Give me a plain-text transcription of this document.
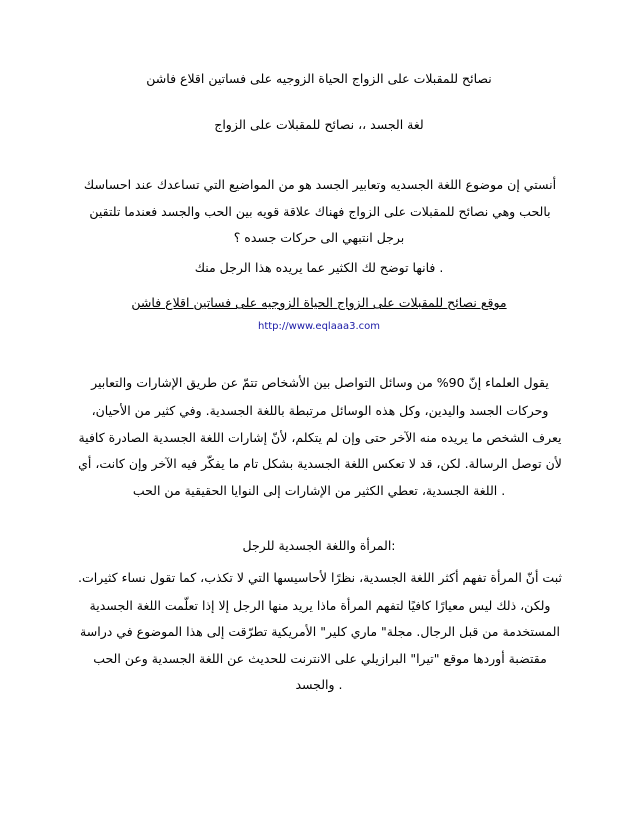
نصائح للمقبلات على الزواج الحياة الزوجيه على فساتين اقلاع فاشن
لغة الجسد ،، نصائح للمقبلات على الزواج
أنستي إن موضوع اللغة الجسديه وتعابير الجسد هو من المواضيع التي تساعدك عند احساسك
بالحب وهي نصائح للمقبلات على الزواج فهناك علاقة قويه بين الحب والجسد فعندما تلتقين
برجل انتبهي الى حركات جسده ؟
. فانها توضح لك الكثير عما يريده هذا الرجل منك
موقع نصائح للمقبلات على الزواج الحياة الزوجيه على فساتين اقلاع فاشن
http://www.eqlaaa3.com
يقول العلماء إنّ 90% من وسائل التواصل بين الأشخاص تتمّ عن طريق الإشارات والتعابير
وحركات الجسد واليدين، وكل هذه الوسائل مرتبطة باللغة الجسدية. وفي كثير من الأحيان،
يعرف الشخص ما يريده منه الآخر حتى وإن لم يتكلم، لأنّ إشارات اللغة الجسدية الصادرة كافية
لأن توصل الرسالة. لكن، قد لا تعكس اللغة الجسدية بشكل تام ما يفكّر فيه الآخر وإن كانت، أي
. اللغة الجسدية، تعطي الكثير من الإشارات إلى النوايا الحقيقية من الحب
:المرأة واللغة الجسدية للرجل
ثبت أنّ المرأة تفهم أكثر اللغة الجسدية، نظرًا لأحاسيسها التي لا تكذب، كما تقول نساء كثيرات.
ولكن، ذلك ليس معيارًا كافيًا لتفهم المرأة ماذا يريد منها الرجل إلا إذا تعلّمت اللغة الجسدية
المستخدمة من قبل الرجال. مجلة" ماري كلير" الأمريكية تطرّقت إلى هذا الموضوع في دراسة
مقتضبة أوردها موقع "تيرا" البرازيلي على الانترنت للحديث عن اللغة الجسدية وعن الحب
. والجسد
